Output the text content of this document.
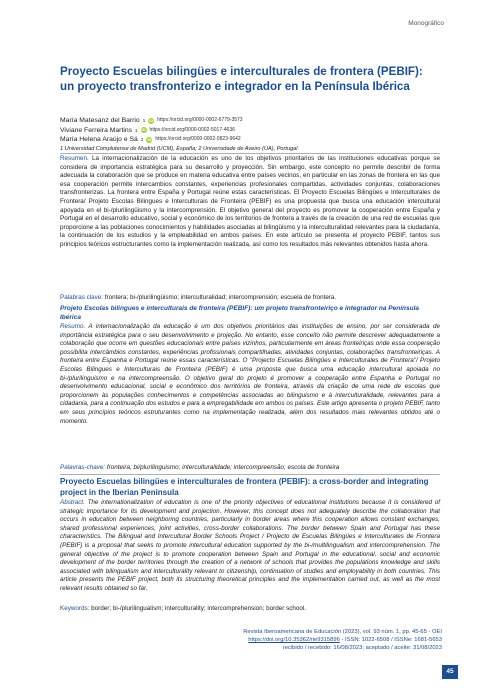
Monográfico
Proyecto Escuelas bilingües e interculturales de frontera (PEBIF): un proyecto transfronterizo e integrador en la Península Ibérica
María Matesanz del Barrio 1 iD https://orcid.org/0000-0002-6779-3573
Viviane Ferreira Martins 1 iD https://orcid.org/0000-0002-5017-4636
María Helena Araújo e Sá 2 iD https://orcid.org/0000-0002-0823-9642
1 Universidad Complutense de Madrid (UCM), España; 2 Universidade de Aveiro (UA), Portugal

Resumen. La internacionalización de la educación es uno de los objetivos prioritarios de las instituciones educativas porque se considera de importancia estratégica para su desarrollo y proyección. Sin embargo, este concepto no permite describir de forma adecuada la colaboración que se produce en materia educativa entre países vecinos, en particular en las zonas de frontera en las que esa cooperación permite intercambios constantes, experiencias profesionales compartidas, actividades conjuntas, colaboraciones transfronterizas. La frontera entre España y Portugal reúne estas características. El Proyecto Escuelas Bilingües e Interculturales de Frontera/ Projeto Escolas Bilingues e Interculturais de Fronteira (PEBIF) es una propuesta que busca una educación intercultural apoyada en el bi-/plurilingüismo y la intercomprensión. El objetivo general del proyecto es promover la cooperación entre España y Portugal en el desarrollo educativo, social y económico de los territorios de frontera a través de la creación de una red de escuelas que proporcione a las poblaciones conocimientos y habilidades asociadas al bilingüismo y la interculturalidad relevantes para la ciudadanía, la continuación de los estudios y la empleabilidad en ambos países. En este artículo se presenta el proyecto PEBIF, tantos sus principios teóricos estructurantes como la implementación realizada, así como los resultados más relevantes obtenidos hasta ahora.

Palabras clave: frontera; bi-/plurilingüismo; interculturalidad; intercomprensión; escuela de frontera.

Projeto Escolas bilingues e interculturais de fronteira (PEBIF): um projeto transfronteiriço e integrador na Península Ibérica

Resumo. A internacionalização da educação é um dos objetivos prioritários das instituições de ensino, por ser considerada de importância estratégica para o seu desenvolvimento e projeção. No entanto, esse conceito não permite descrever adequadamente a colaboração que ocorre em questões educacionais entre países vizinhos, particularmente em áreas fronteiriças onde essa cooperação possibilita intercâmbios constantes, experiências profissionais compartilhadas, atividades conjuntas, colaborações transfronteiriças. A fronteira entre Espanha e Portugal reúne essas características. O "Projecto Escuelas Bilingües e Interculturales de Frontera"/ Projeto Escolas Bilingues e Interculturais de Fronteira (PEBIF) é uma proposta que busca uma educação intercultural apoiada no bi-/plurilinguismo e na intercompreensão. O objetivo geral do projeto é promover a cooperação entre Espanha e Portugal no desenvolvimento educacional, social e econômico dos territórios de fronteira, através da criação de uma rede de escolas que proporcionem às populações conhecimentos e competências associadas ao bilinguismo e à interculturalidade, relevantes para a cidadania, para a continuação dos estudos e para a empregabilidade em ambos os países. Este artigo apresenta o projeto PEBIF, tanto em seus princípios teóricos estruturantes como na implementação realizada, além dos resultados mais relevantes obtidos até o momento.

Palavras-chave: fronteira; bi/plurilinguismo; interculturalidade; intercompreensão; escola de fronteira

Proyecto Escuelas bilingües e interculturales de frontera (PEBIF): a cross-border and integrating project in the Iberian Peninsula

Abstract. The internationalization of education is one of the priority objectives of educational institutions because it is considered of strategic importance for its development and projection. However, this concept does not adequately describe the collaboration that occurs in education between neighboring countries, particularly in border areas where this cooperation allows constant exchanges, shared professional experiences, joint activities, cross-border collaborations. The border between Spain and Portugal has these characteristics. The Bilingual and Intercultural Border Schools Project / Projecto de Escuelas Bilingües e Interculturales de Frontera (PEBIF) is a proposal that seeks to promote intercultural education supported by the bi-/multilingualism and intercomprehension. The general objective of the project is to promote cooperation between Spain and Portugal in the educational, social and economic development of the border territories through the creation of a network of schools that provides the populations knowledge and skills associated with bilingualism and interculturality relevant to citizenship, continuation of studies and employability in both countries. This article presents the PEBIF project, both its structuring theoretical principles and the implementation carried out, as well as the most relevant results obtained so far.

Keywords: border; bi-/plurilingualism; interculturality; intercomprehension; border school.

Revista Iberoamericana de Educación (2023), vol. 93 núm. 1, pp. 45-65 - OEI
https://doi.org/10.35362/rie9315896 - ISSN: 1022-6508 / ISSNe: 1681-5653
recibido / recebido: 16/08/2023; aceptado / aceite: 31/08/2023
45
